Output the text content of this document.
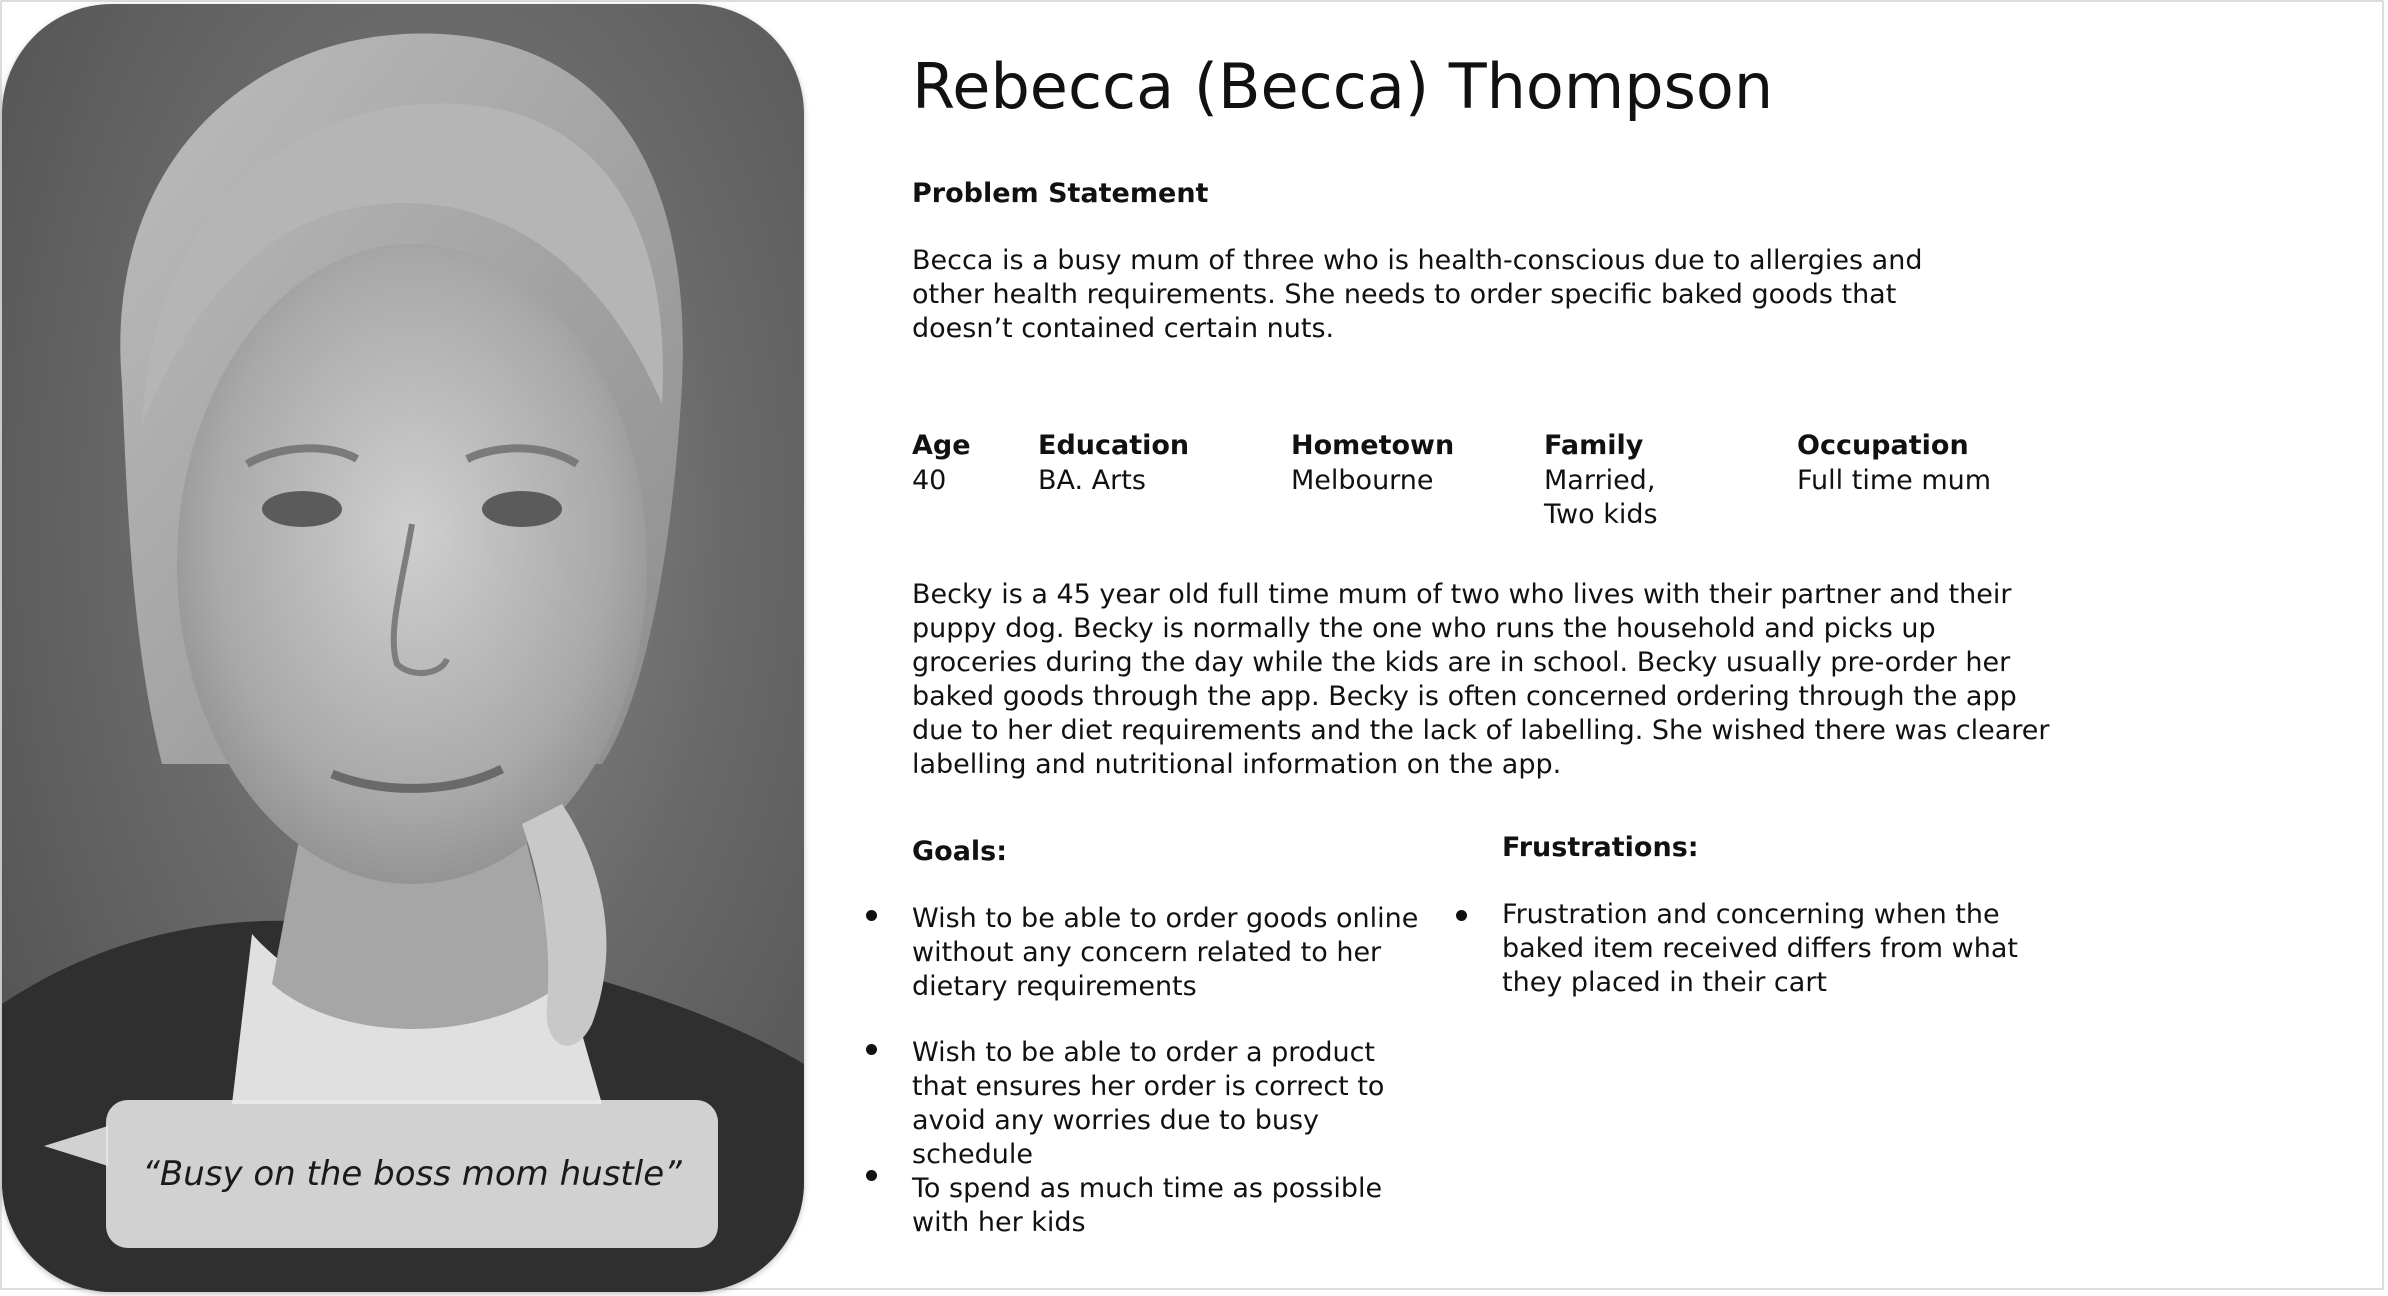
“Busy on the boss mom hustle”
Rebecca (Becca) Thompson
Problem Statement
Becca is a busy mum of three who is health-conscious due to allergies and other health requirements. She needs to order specific baked goods that doesn’t contained certain nuts.
Age
40
Education
BA. Arts
Hometown
Melbourne
Family
Married,
Two kids
Occupation
Full time mum
Becky is a 45 year old full time mum of two who lives with their partner and their puppy dog. Becky is normally the one who runs the household and picks up groceries during the day while the kids are in school. Becky usually pre-order her baked goods through the app. Becky is often concerned ordering through the app due to her diet requirements and the lack of labelling. She wished there was clearer labelling and nutritional information on the app.
Goals:
Wish to be able to order goods online without any concern related to her dietary requirements
Wish to be able to order a product that ensures her order is correct to avoid any worries due to busy schedule
To spend as much time as possible with her kids
Frustrations:
Frustration and concerning when the baked item received differs from what they placed in their cart
